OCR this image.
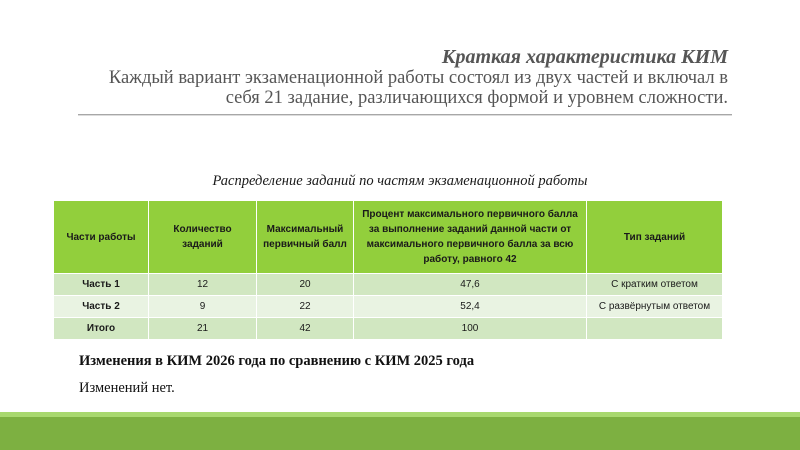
Краткая характеристика КИМ
Каждый вариант экзаменационной работы состоял из двух частей и включал в
себя 21 задание, различающихся формой и уровнем сложности.
Распределение заданий по частям экзаменационной работы
Части работы	Количество заданий	Максимальный первичный балл	Процент максимального первичного балла за выполнение заданий данной части от максимального первичного балла за всю работу, равного 42	Тип заданий
Часть 1	12	20	47,6	С кратким ответом
Часть 2	9	22	52,4	С развёрнутым ответом
Итого	21	42	100	
Изменения в КИМ 2026 года по сравнению с КИМ 2025 года
Изменений нет.
